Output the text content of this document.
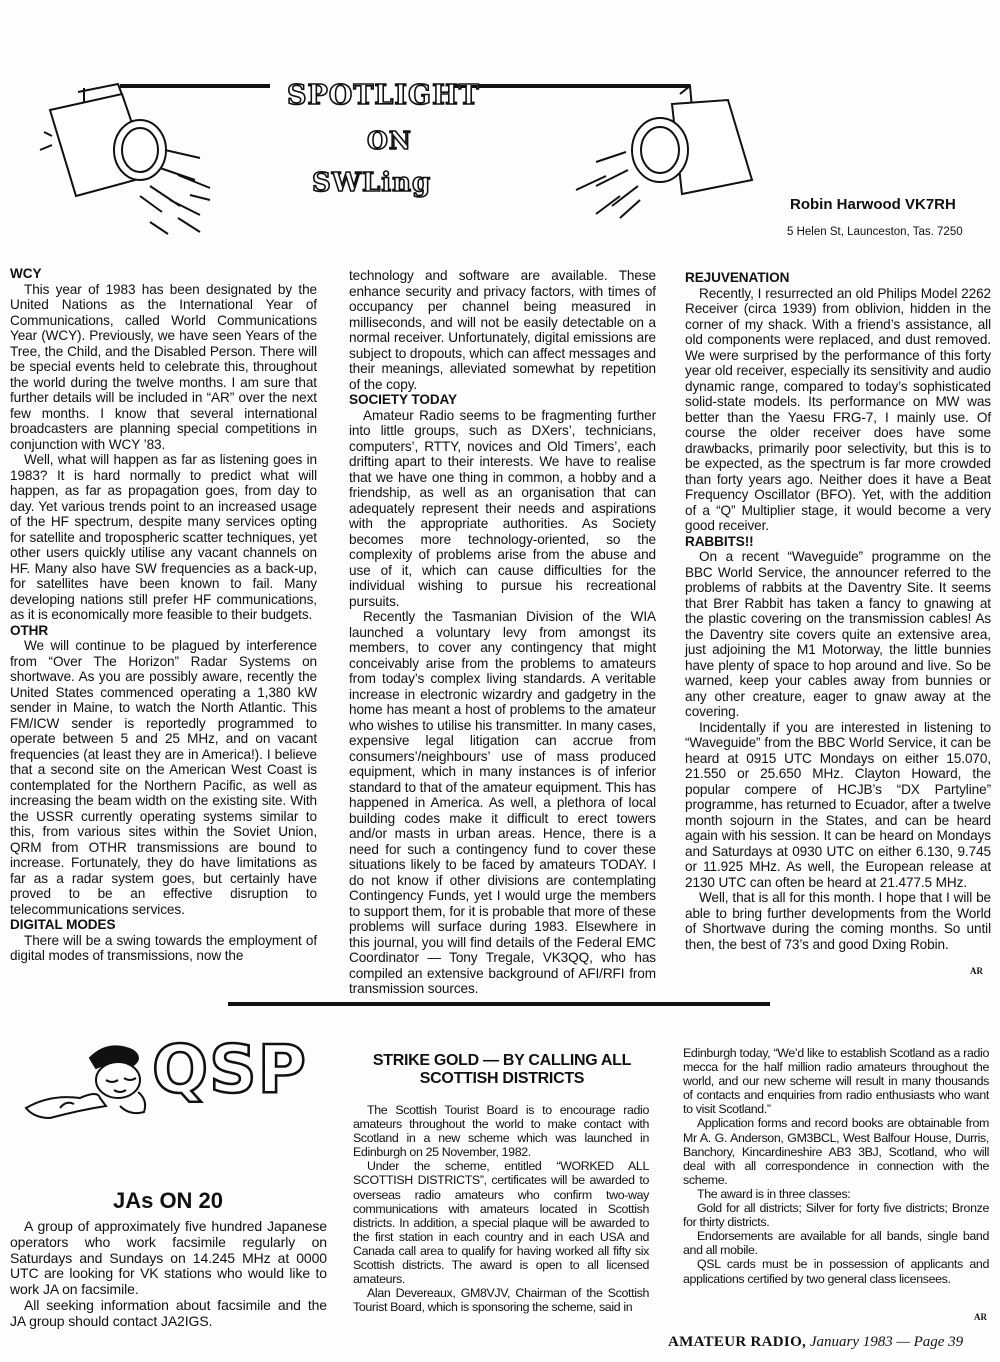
SPOTLIGHT
ON
SWLing
Robin Harwood VK7RH
5 Helen St, Launceston, Tas. 7250
WCY

This year of 1983 has been designated by the United Nations as the International Year of Communications, called World Communications Year (WCY). Previously, we have seen Years of the Tree, the Child, and the Disabled Person. There will be special events held to celebrate this, throughout the world during the twelve months. I am sure that further details will be included in “AR” over the next few months. I know that several international broadcasters are planning special competitions in conjunction with WCY ’83.

Well, what will happen as far as listening goes in 1983? It is hard normally to predict what will happen, as far as propagation goes, from day to day. Yet various trends point to an increased usage of the HF spectrum, despite many services opting for satellite and tropospheric scatter techniques, yet other users quickly utilise any vacant channels on HF. Many also have SW frequencies as a back-up, for satellites have been known to fail. Many developing nations still prefer HF communications, as it is economically more feasible to their budgets.

OTHR

We will continue to be plagued by interference from “Over The Horizon” Radar Systems on shortwave. As you are possibly aware, recently the United States commenced operating a 1,380 kW sender in Maine, to watch the North Atlantic. This FM/ICW sender is reportedly programmed to operate between 5 and 25 MHz, and on vacant frequencies (at least they are in America!). I believe that a second site on the American West Coast is contemplated for the Northern Pacific, as well as increasing the beam width on the existing site. With the USSR currently operating systems similar to this, from various sites within the Soviet Union, QRM from OTHR transmissions are bound to increase. Fortunately, they do have limitations as far as a radar system goes, but certainly have proved to be an effective disruption to telecommunications services.

DIGITAL MODES

There will be a swing towards the employment of digital modes of transmissions, now the

technology and software are available. These enhance security and privacy factors, with times of occupancy per channel being measured in milliseconds, and will not be easily detectable on a normal receiver. Unfortunately, digital emissions are subject to dropouts, which can affect messages and their meanings, alleviated somewhat by repetition of the copy.

SOCIETY TODAY

Amateur Radio seems to be fragmenting further into little groups, such as DXers’, technicians, computers’, RTTY, novices and Old Timers’, each drifting apart to their interests. We have to realise that we have one thing in common, a hobby and a friendship, as well as an organisation that can adequately represent their needs and aspirations with the appropriate authorities. As Society becomes more technology-oriented, so the complexity of problems arise from the abuse and use of it, which can cause difficulties for the individual wishing to pursue his recreational pursuits.

Recently the Tasmanian Division of the WIA launched a voluntary levy from amongst its members, to cover any contingency that might conceivably arise from the problems to amateurs from today’s complex living standards. A veritable increase in electronic wizardry and gadgetry in the home has meant a host of problems to the amateur who wishes to utilise his transmitter. In many cases, expensive legal litigation can accrue from consumers’/neighbours’ use of mass produced equipment, which in many instances is of inferior standard to that of the amateur equipment. This has happened in America. As well, a plethora of local building codes make it difficult to erect towers and/or masts in urban areas. Hence, there is a need for such a contingency fund to cover these situations likely to be faced by amateurs TODAY. I do not know if other divisions are contemplating Contingency Funds, yet I would urge the members to support them, for it is probable that more of these problems will surface during 1983. Elsewhere in this journal, you will find details of the Federal EMC Coordinator — Tony Tregale, VK3QQ, who has compiled an extensive background of AFI/RFI from transmission sources.

REJUVENATION

Recently, I resurrected an old Philips Model 2262 Receiver (circa 1939) from oblivion, hidden in the corner of my shack. With a friend’s assistance, all old components were replaced, and dust removed. We were surprised by the performance of this forty year old receiver, especially its sensitivity and audio dynamic range, compared to today’s sophisticated solid-state models. Its performance on MW was better than the Yaesu FRG-7, I mainly use. Of course the older receiver does have some drawbacks, primarily poor selectivity, but this is to be expected, as the spectrum is far more crowded than forty years ago. Neither does it have a Beat Frequency Oscillator (BFO). Yet, with the addition of a “Q” Multiplier stage, it would become a very good receiver.

RABBITS!!

On a recent “Waveguide” programme on the BBC World Service, the announcer referred to the problems of rabbits at the Daventry Site. It seems that Brer Rabbit has taken a fancy to gnawing at the plastic covering on the transmission cables! As the Daventry site covers quite an extensive area, just adjoining the M1 Motorway, the little bunnies have plenty of space to hop around and live. So be warned, keep your cables away from bunnies or any other creature, eager to gnaw away at the covering.

Incidentally if you are interested in listening to “Waveguide” from the BBC World Service, it can be heard at 0915 UTC Mondays on either 15.070, 21.550 or 25.650 MHz. Clayton Howard, the popular compere of HCJB’s “DX Partyline” programme, has returned to Ecuador, after a twelve month sojourn in the States, and can be heard again with his session. It can be heard on Mondays and Saturdays at 0930 UTC on either 6.130, 9.745 or 11.925 MHz. As well, the European release at 2130 UTC can often be heard at 21.477.5 MHz.

Well, that is all for this month. I hope that I will be able to bring further developments from the World of Shortwave during the coming months. So until then, the best of 73’s and good Dxing Robin.

AR
QSP
JAs ON 20

A group of approximately five hundred Japanese operators who work facsimile regularly on Saturdays and Sundays on 14.245 MHz at 0000 UTC are looking for VK stations who would like to work JA on facsimile.

All seeking information about facsimile and the JA group should contact JA2IGS.

STRIKE GOLD — BY CALLING ALL SCOTTISH DISTRICTS

The Scottish Tourist Board is to encourage radio amateurs throughout the world to make contact with Scotland in a new scheme which was launched in Edinburgh on 25 November, 1982.

Under the scheme, entitled “WORKED ALL SCOTTISH DISTRICTS”, certificates will be awarded to overseas radio amateurs who confirm two-way communications with amateurs located in Scottish districts. In addition, a special plaque will be awarded to the first station in each country and in each USA and Canada call area to qualify for having worked all fifty six Scottish districts. The award is open to all licensed amateurs.

Alan Devereaux, GM8VJV, Chairman of the Scottish Tourist Board, which is sponsoring the scheme, said in

Edinburgh today, “We’d like to establish Scotland as a radio mecca for the half million radio amateurs throughout the world, and our new scheme will result in many thousands of contacts and enquiries from radio enthusiasts who want to visit Scotland.”

Application forms and record books are obtainable from Mr A. G. Anderson, GM3BCL, West Balfour House, Durris, Banchory, Kincardineshire AB3 3BJ, Scotland, who will deal with all correspondence in connection with the scheme.

The award is in three classes:

Gold for all districts; Silver for forty five districts; Bronze for thirty districts.

Endorsements are available for all bands, single band and all mobile.

QSL cards must be in possession of applicants and applications certified by two general class licensees.

AR
AMATEUR RADIO, January 1983 — Page 39
